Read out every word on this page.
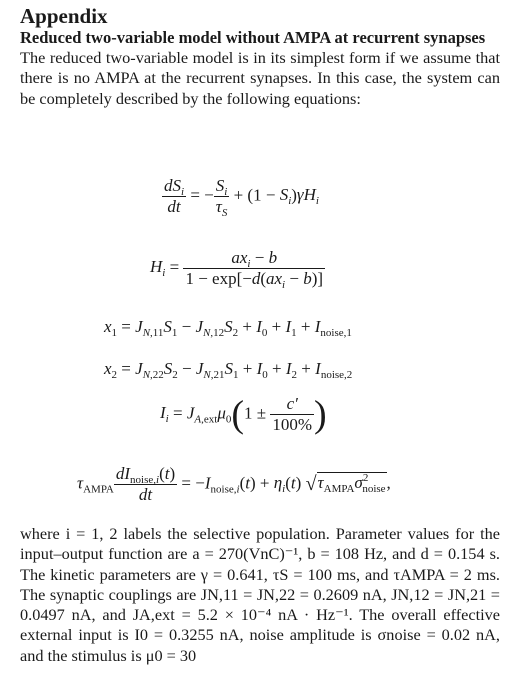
Appendix
Reduced two-variable model without AMPA at recurrent synapses

The reduced two-variable model is in its simplest form if we assume that there is no AMPA at the recurrent synapses. In this case, the system can be completely described by the following equations:

$\frac{dS_i}{dt}$ = − $\frac{S_i}{\tau_S} + (1 - S_i)\gamma H_i$
$H_i = \frac{ax_i - b}{1 - \exp[-d(ax_i - b)]}$
$x_1 = J_{N,11}S_1 - J_{N,12}S_2 + I_0 + I_1 + I_{noise,1}$
$x_2 = J_{N,22}S_2 - J_{N,21}S_1 + I_0 + I_2 + I_{noise,2}$
$I_i = J_{A,ext}\mu_0(1 \pm \frac{c'}{100\%}$ )
$\tau_{AMPA} \frac{dI_{noise,i}(t)}{dt} = -I_{noise,i}(t) + \eta_i(t)$ $√\tau_{AMPA}\sigma^2_{noise}$,

where i = 1, 2 labels the selective population. Parameter values for the input–output function are a = 270(VnC)⁻¹, b = 108 Hz, and d = 0.154 s. The kinetic parameters are γ = 0.641, τS = 100 ms, and τAMPA = 2 ms. The synaptic couplings are JN,11 = JN,22 = 0.2609 nA, JN,12 = JN,21 = 0.0497 nA, and JA,ext = 5.2 × 10⁻⁴ nA · Hz⁻¹. The overall effective external input is I0 = 0.3255 nA, noise amplitude is σnoise = 0.02 nA, and the stimulus is μ0 = 30
